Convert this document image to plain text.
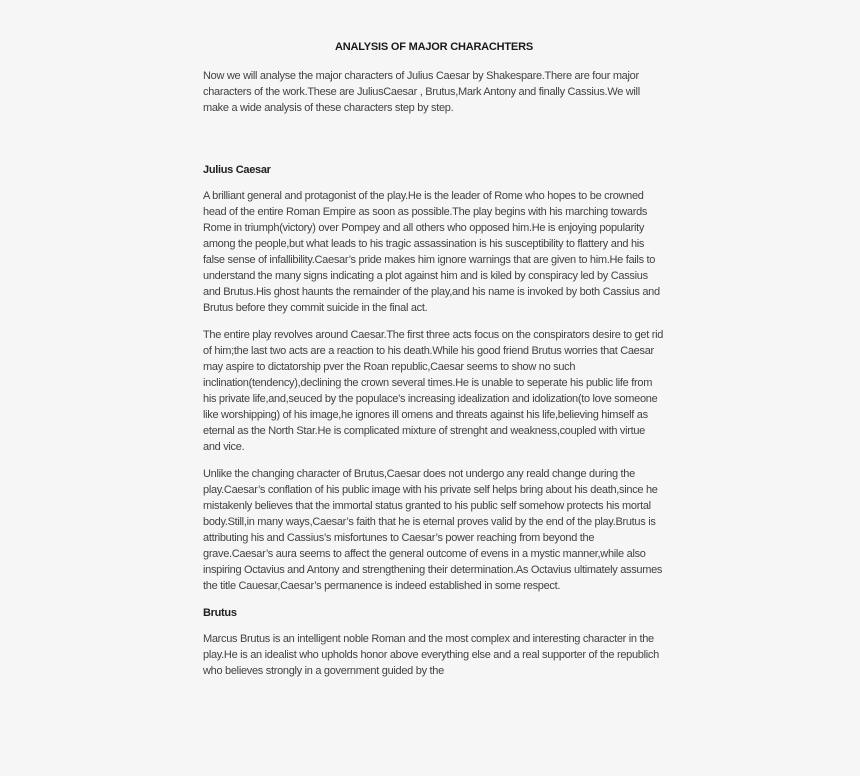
ANALYSIS OF MAJOR CHARACHTERS

Now we will analyse the major characters of Julius Caesar by Shakespare.There are four major characters of the work.These are JuliusCaesar , Brutus,Mark Antony and finally Cassius.We will make a wide analysis of these characters step by step.

Julius Caesar

A brilliant general and protagonist of the play.He is the leader of Rome who hopes to be crowned head of the entire Roman Empire as soon as possible.The play begins with his marching towards Rome in triumph(victory) over Pompey and all others who opposed him.He is enjoying popularity among the people,but what leads to his tragic assassination is his susceptibility to flattery and his false sense of infallibility.Caesar’s pride makes him ignore warnings that are given to him.He fails to understand the many signs indicating a plot against him and is kiled by conspiracy led by Cassius and Brutus.His ghost haunts the remainder of the play,and his name is invoked by both Cassius and Brutus before they commit suicide in the final act.

The entire play revolves around Caesar.The first three acts focus on the conspirators desire to get rid of him;the last two acts are a reaction to his death.While his good friend Brutus worries that Caesar may aspire to dictatorship pver the Roan republic,Caesar seems to show no such inclination(tendency),declining the crown several times.He is unable to seperate his public life from his private life,and,seuced by the populace’s increasing idealization and idolization(to love someone like worshipping) of his image,he ignores ill omens and threats against his life,believing himself as eternal as the North Star.He is complicated mixture of strenght and weakness,coupled with virtue and vice.

Unlike the changing character of Brutus,Caesar does not undergo any reald change during the play.Caesar’s conflation of his public image with his private self helps bring about his death,since he mistakenly believes that the immortal status granted to his public self somehow protects his mortal body.Still,in many ways,Caesar’s faith that he is eternal proves valid by the end of the play.Brutus is attributing his and Cassius’s misfortunes to Caesar’s power reaching from beyond the grave.Caesar’s aura seems to affect the general outcome of evens in a mystic manner,while also inspiring Octavius and Antony and strengthening their determination.As Octavius ultimately assumes the title Cauesar,Caesar’s permanence is indeed established in some respect.

Brutus

Marcus Brutus is an intelligent noble Roman and the most complex and interesting character in the play.He is an idealist who upholds honor above everything else and a real supporter of the republich who believes strongly in a government guided by the
